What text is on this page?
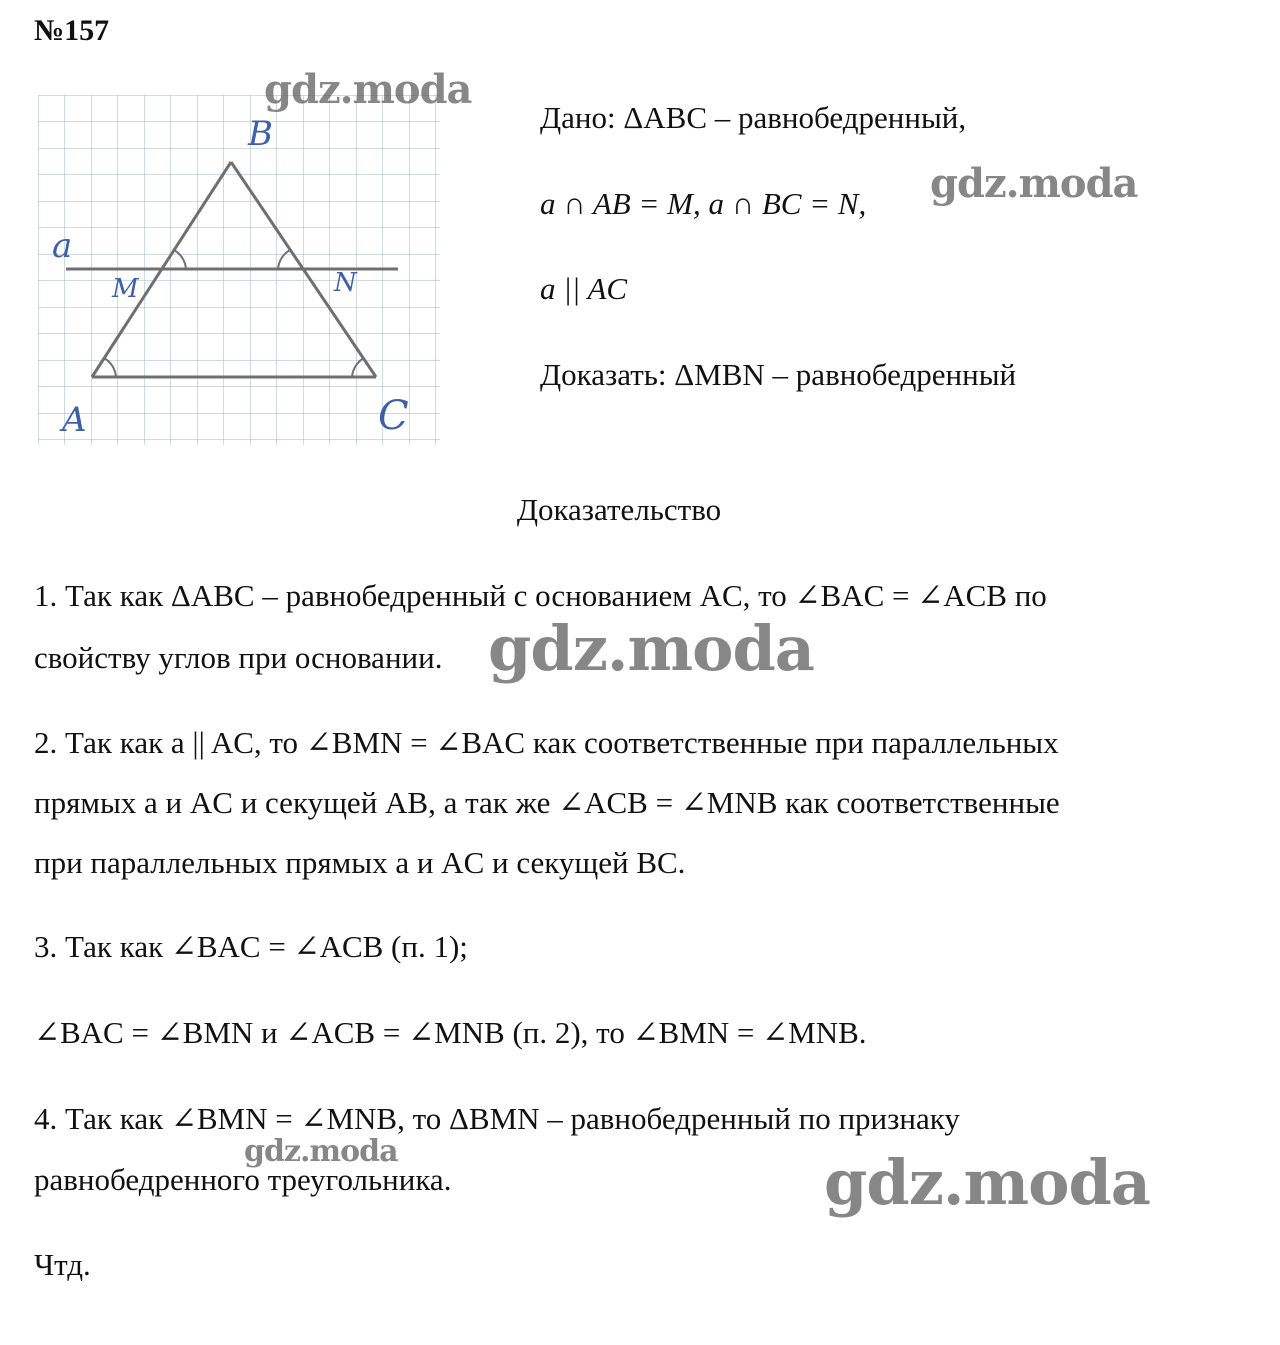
№157
a
B
M	N
A	C
Дано: ΔABC – равнобедренный,
a ∩ AB = M, a ∩ BC = N,
a || AC
Доказать: ΔMBN – равнобедренный
Доказательство
1. Так как ΔABC – равнобедренный с основанием AC, то ∠BAC = ∠ACB по
свойству углов при основании.
2. Так как a || AC, то ∠BMN = ∠BAC как соответственные при параллельных
прямых a и AC и секущей AB, а так же ∠ACB = ∠MNB как соответственные
при параллельных прямых a и AC и секущей BC.
3. Так как ∠BAC = ∠ACB (п. 1);
∠BAC = ∠BMN и ∠ACB = ∠MNB (п. 2), то ∠BMN = ∠MNB.
4. Так как ∠BMN = ∠MNB, то ΔBMN – равнобедренный по признаку
равнобедренного треугольника.
Чтд.
gdz.moda
gdz.moda
gdz.moda
gdz.moda	gdz.moda
